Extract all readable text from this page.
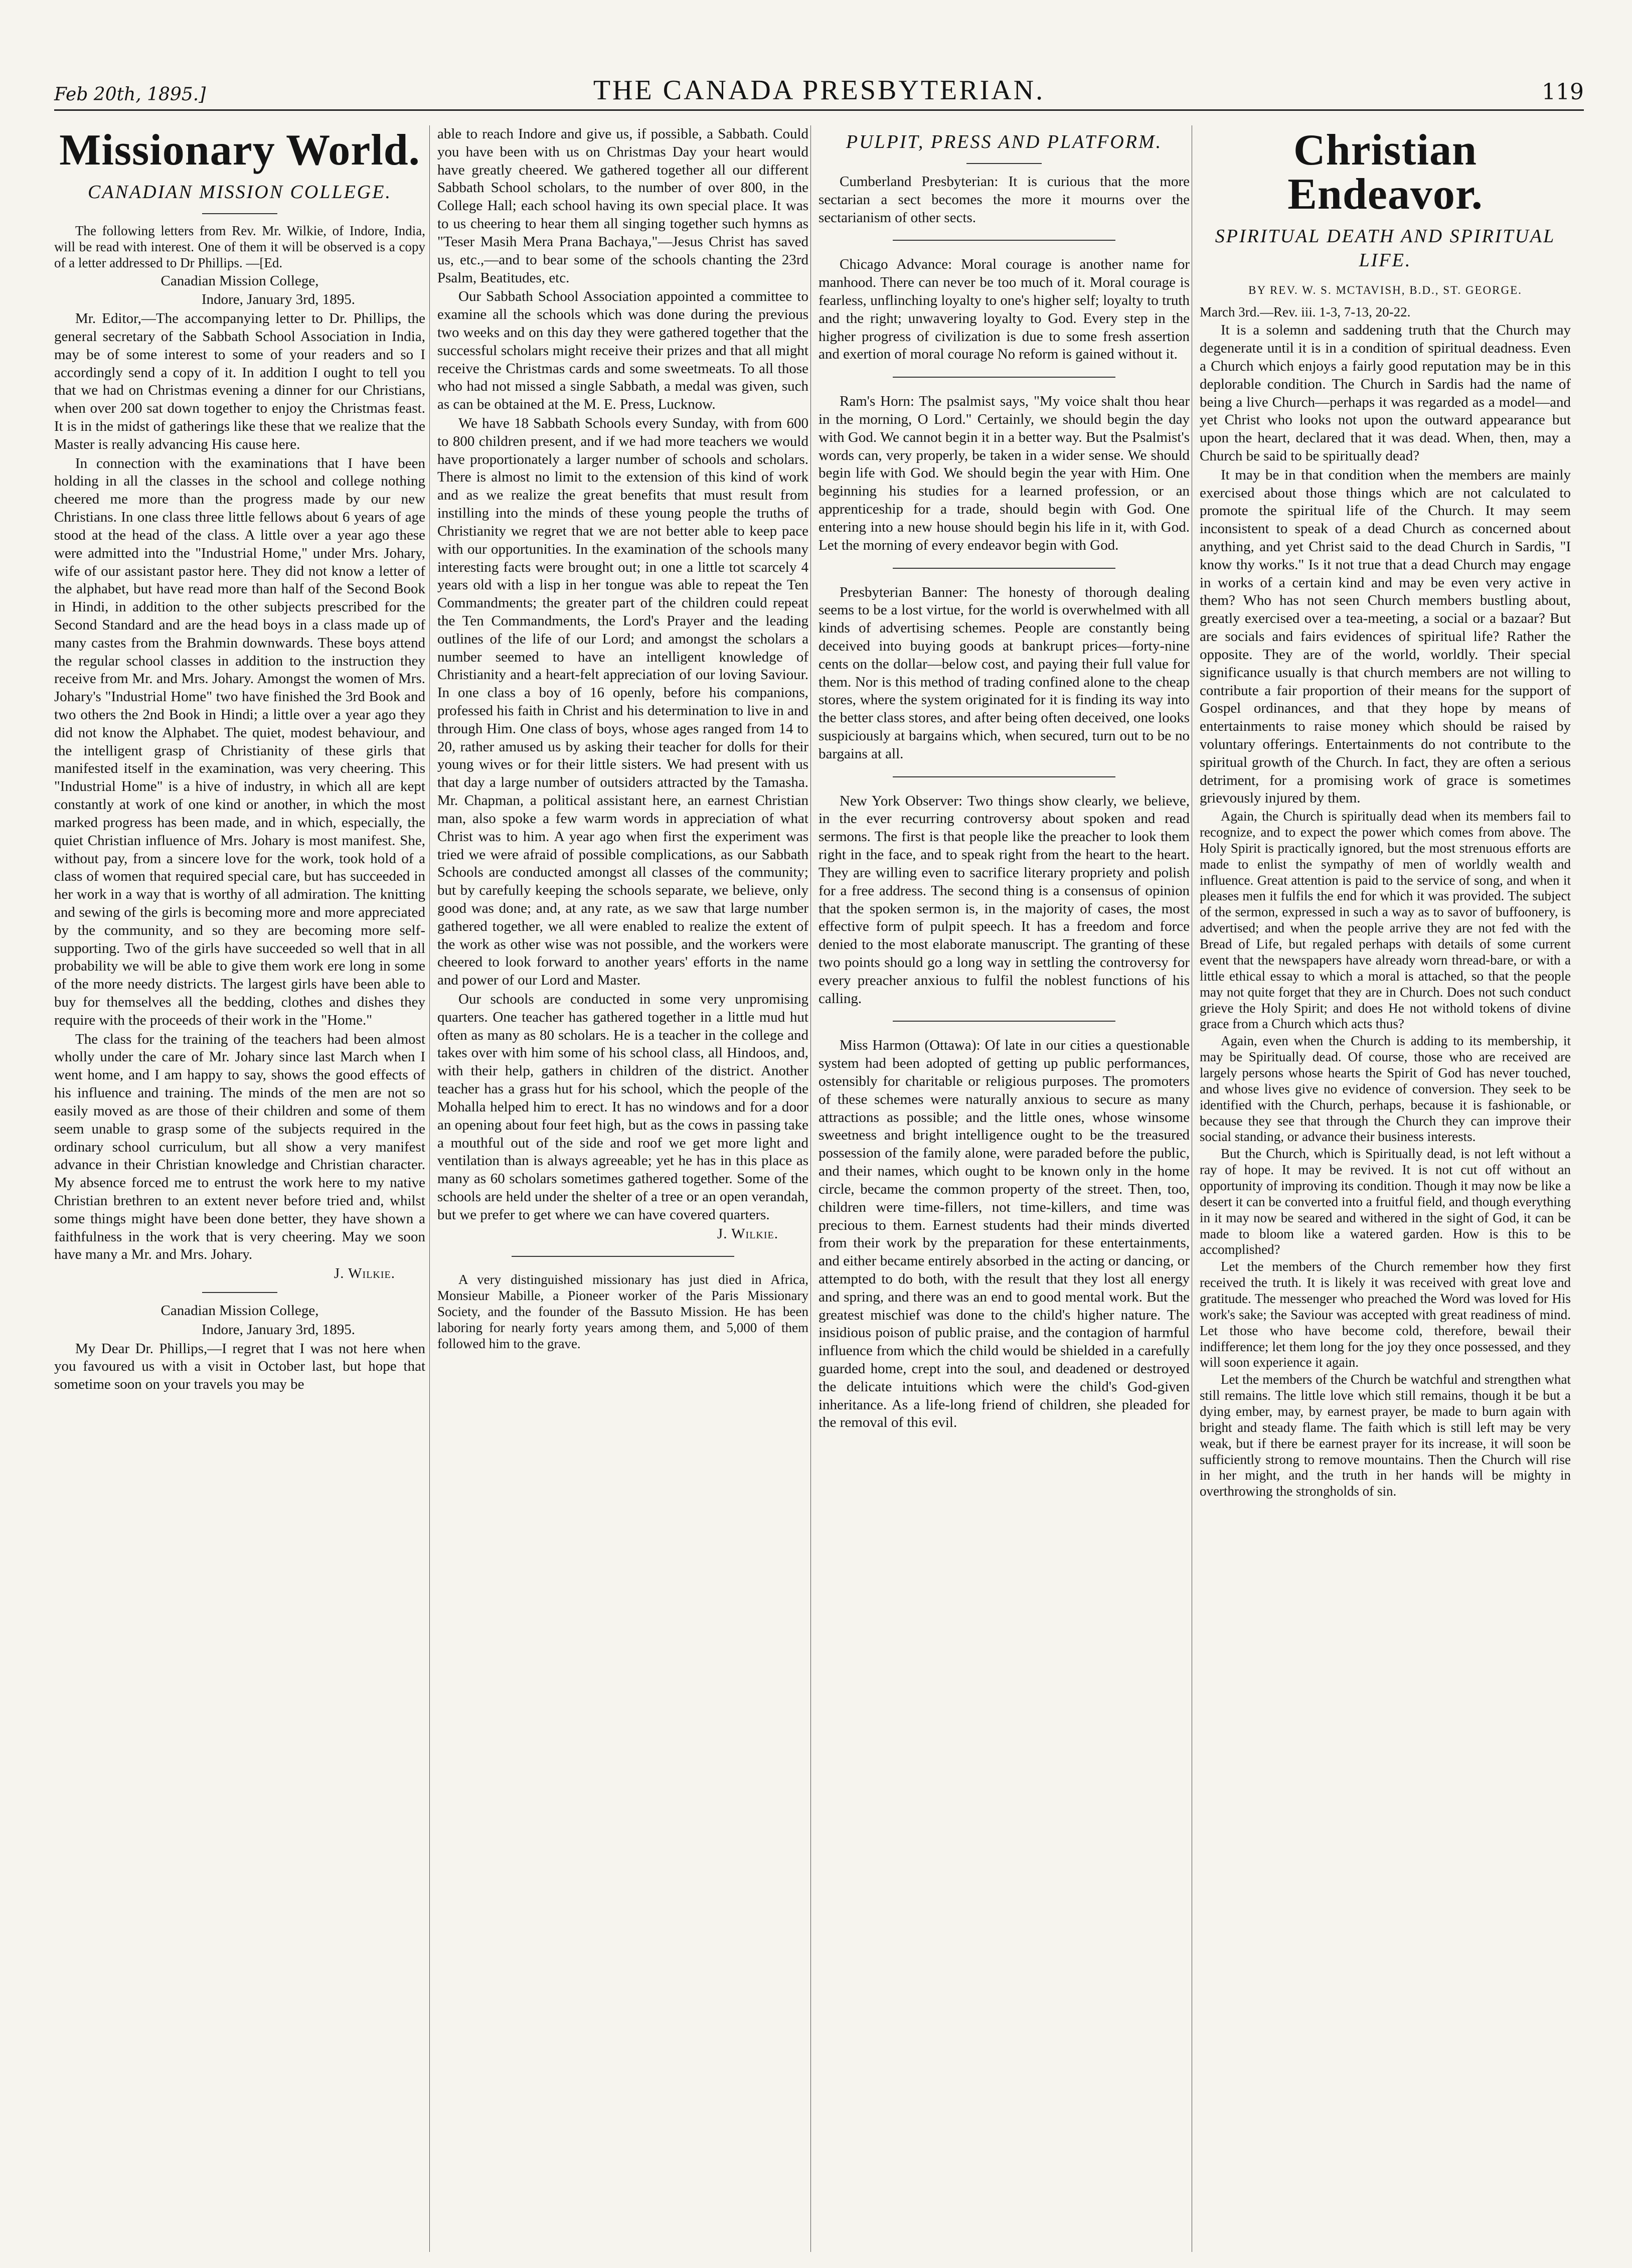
Feb 20th, 1895.]	THE CANADA PRESBYTERIAN.	119
Missionary World.
CANADIAN MISSION COLLEGE.

The following letters from Rev. Mr. Wilkie, of Indore, India, will be read with interest. One of them it will be observed is a copy of a letter addressed to Dr Phillips. —[Ed.

Canadian Mission College,

Indore, January 3rd, 1895.

Mr. Editor,—The accompanying letter to Dr. Phillips, the general secretary of the Sabbath School Association in India, may be of some interest to some of your readers and so I accordingly send a copy of it. In addition I ought to tell you that we had on Christmas evening a dinner for our Christians, when over 200 sat down together to enjoy the Christmas feast. It is in the midst of gatherings like these that we realize that the Master is really advancing His cause here.

In connection with the examinations that I have been holding in all the classes in the school and college nothing cheered me more than the progress made by our new Christians. In one class three little fellows about 6 years of age stood at the head of the class. A little over a year ago these were admitted into the "Industrial Home," under Mrs. Johary, wife of our assistant pastor here. They did not know a letter of the alphabet, but have read more than half of the Second Book in Hindi, in addition to the other subjects prescribed for the Second Standard and are the head boys in a class made up of many castes from the Brahmin downwards. These boys attend the regular school classes in addition to the instruction they receive from Mr. and Mrs. Johary. Amongst the women of Mrs. Johary's "Industrial Home" two have finished the 3rd Book and two others the 2nd Book in Hindi; a little over a year ago they did not know the Alphabet. The quiet, modest behaviour, and the intelligent grasp of Christianity of these girls that manifested itself in the examination, was very cheering. This "Industrial Home" is a hive of industry, in which all are kept constantly at work of one kind or another, in which the most marked progress has been made, and in which, especially, the quiet Christian influence of Mrs. Johary is most manifest. She, without pay, from a sincere love for the work, took hold of a class of women that required special care, but has succeeded in her work in a way that is worthy of all admiration. The knitting and sewing of the girls is becoming more and more appreciated by the community, and so they are becoming more self-supporting. Two of the girls have succeeded so well that in all probability we will be able to give them work ere long in some of the more needy districts. The largest girls have been able to buy for themselves all the bedding, clothes and dishes they require with the proceeds of their work in the "Home."

The class for the training of the teachers had been almost wholly under the care of Mr. Johary since last March when I went home, and I am happy to say, shows the good effects of his influence and training. The minds of the men are not so easily moved as are those of their children and some of them seem unable to grasp some of the subjects required in the ordinary school curriculum, but all show a very manifest advance in their Christian knowledge and Christian character. My absence forced me to entrust the work here to my native Christian brethren to an extent never before tried and, whilst some things might have been done better, they have shown a faithfulness in the work that is very cheering. May we soon have many a Mr. and Mrs. Johary.

J. Wilkie.

Canadian Mission College,

Indore, January 3rd, 1895.

My Dear Dr. Phillips,—I regret that I was not here when you favoured us with a visit in October last, but hope that sometime soon on your travels you may be

able to reach Indore and give us, if possible, a Sabbath. Could you have been with us on Christmas Day your heart would have greatly cheered. We gathered together all our different Sabbath School scholars, to the number of over 800, in the College Hall; each school having its own special place. It was to us cheering to hear them all singing together such hymns as "Teser Masih Mera Prana Bachaya,"—Jesus Christ has saved us, etc.,—and to bear some of the schools chanting the 23rd Psalm, Beatitudes, etc.

Our Sabbath School Association appointed a committee to examine all the schools which was done during the previous two weeks and on this day they were gathered together that the successful scholars might receive their prizes and that all might receive the Christmas cards and some sweetmeats. To all those who had not missed a single Sabbath, a medal was given, such as can be obtained at the M. E. Press, Lucknow.

We have 18 Sabbath Schools every Sunday, with from 600 to 800 children present, and if we had more teachers we would have proportionately a larger number of schools and scholars. There is almost no limit to the extension of this kind of work and as we realize the great benefits that must result from instilling into the minds of these young people the truths of Christianity we regret that we are not better able to keep pace with our opportunities. In the examination of the schools many interesting facts were brought out; in one a little tot scarcely 4 years old with a lisp in her tongue was able to repeat the Ten Commandments; the greater part of the children could repeat the Ten Commandments, the Lord's Prayer and the leading outlines of the life of our Lord; and amongst the scholars a number seemed to have an intelligent knowledge of Christianity and a heart-felt appreciation of our loving Saviour. In one class a boy of 16 openly, before his companions, professed his faith in Christ and his determination to live in and through Him. One class of boys, whose ages ranged from 14 to 20, rather amused us by asking their teacher for dolls for their young wives or for their little sisters. We had present with us that day a large number of outsiders attracted by the Tamasha. Mr. Chapman, a political assistant here, an earnest Christian man, also spoke a few warm words in appreciation of what Christ was to him. A year ago when first the experiment was tried we were afraid of possible complications, as our Sabbath Schools are conducted amongst all classes of the community; but by carefully keeping the schools separate, we believe, only good was done; and, at any rate, as we saw that large number gathered together, we all were enabled to realize the extent of the work as other wise was not possible, and the workers were cheered to look forward to another years' efforts in the name and power of our Lord and Master.

Our schools are conducted in some very unpromising quarters. One teacher has gathered together in a little mud hut often as many as 80 scholars. He is a teacher in the college and takes over with him some of his school class, all Hindoos, and, with their help, gathers in children of the district. Another teacher has a grass hut for his school, which the people of the Mohalla helped him to erect. It has no windows and for a door an opening about four feet high, but as the cows in passing take a mouthful out of the side and roof we get more light and ventilation than is always agreeable; yet he has in this place as many as 60 scholars sometimes gathered together. Some of the schools are held under the shelter of a tree or an open verandah, but we prefer to get where we can have covered quarters.

J. Wilkie.

A very distinguished missionary has just died in Africa, Monsieur Mabille, a Pioneer worker of the Paris Missionary Society, and the founder of the Bassuto Mission. He has been laboring for nearly forty years among them, and 5,000 of them followed him to the grave.

PULPIT, PRESS AND PLATFORM.

Cumberland Presbyterian: It is curious that the more sectarian a sect becomes the more it mourns over the sectarianism of other sects.

Chicago Advance: Moral courage is another name for manhood. There can never be too much of it. Moral courage is fearless, unflinching loyalty to one's higher self; loyalty to truth and the right; unwavering loyalty to God. Every step in the higher progress of civilization is due to some fresh assertion and exertion of moral courage No reform is gained without it.

Ram's Horn: The psalmist says, "My voice shalt thou hear in the morning, O Lord." Certainly, we should begin the day with God. We cannot begin it in a better way. But the Psalmist's words can, very properly, be taken in a wider sense. We should begin life with God. We should begin the year with Him. One beginning his studies for a learned profession, or an apprenticeship for a trade, should begin with God. One entering into a new house should begin his life in it, with God. Let the morning of every endeavor begin with God.

Presbyterian Banner: The honesty of thorough dealing seems to be a lost virtue, for the world is overwhelmed with all kinds of advertising schemes. People are constantly being deceived into buying goods at bankrupt prices—forty-nine cents on the dollar—below cost, and paying their full value for them. Nor is this method of trading confined alone to the cheap stores, where the system originated for it is finding its way into the better class stores, and after being often deceived, one looks suspiciously at bargains which, when secured, turn out to be no bargains at all.

New York Observer: Two things show clearly, we believe, in the ever recurring controversy about spoken and read sermons. The first is that people like the preacher to look them right in the face, and to speak right from the heart to the heart. They are willing even to sacrifice literary propriety and polish for a free address. The second thing is a consensus of opinion that the spoken sermon is, in the majority of cases, the most effective form of pulpit speech. It has a freedom and force denied to the most elaborate manuscript. The granting of these two points should go a long way in settling the controversy for every preacher anxious to fulfil the noblest functions of his calling.

Miss Harmon (Ottawa): Of late in our cities a questionable system had been adopted of getting up public performances, ostensibly for charitable or religious purposes. The promoters of these schemes were naturally anxious to secure as many attractions as possible; and the little ones, whose winsome sweetness and bright intelligence ought to be the treasured possession of the family alone, were paraded before the public, and their names, which ought to be known only in the home circle, became the common property of the street. Then, too, children were time-fillers, not time-killers, and time was precious to them. Earnest students had their minds diverted from their work by the preparation for these entertainments, and either became entirely absorbed in the acting or dancing, or attempted to do both, with the result that they lost all energy and spring, and there was an end to good mental work. But the greatest mischief was done to the child's higher nature. The insidious poison of public praise, and the contagion of harmful influence from which the child would be shielded in a carefully guarded home, crept into the soul, and deadened or destroyed the delicate intuitions which were the child's God-given inheritance. As a life-long friend of children, she pleaded for the removal of this evil.

Christian Endeavor.
SPIRITUAL DEATH AND SPIRITUAL LIFE.
BY REV. W. S. MCTAVISH, B.D., ST. GEORGE.

March 3rd.—Rev. iii. 1-3, 7-13, 20-22.

It is a solemn and saddening truth that the Church may degenerate until it is in a condition of spiritual deadness. Even a Church which enjoys a fairly good reputation may be in this deplorable condition. The Church in Sardis had the name of being a live Church—perhaps it was regarded as a model—and yet Christ who looks not upon the outward appearance but upon the heart, declared that it was dead. When, then, may a Church be said to be spiritually dead?

It may be in that condition when the members are mainly exercised about those things which are not calculated to promote the spiritual life of the Church. It may seem inconsistent to speak of a dead Church as concerned about anything, and yet Christ said to the dead Church in Sardis, "I know thy works." Is it not true that a dead Church may engage in works of a certain kind and may be even very active in them? Who has not seen Church members bustling about, greatly exercised over a tea-meeting, a social or a bazaar? But are socials and fairs evidences of spiritual life? Rather the opposite. They are of the world, worldly. Their special significance usually is that church members are not willing to contribute a fair proportion of their means for the support of Gospel ordinances, and that they hope by means of entertainments to raise money which should be raised by voluntary offerings. Entertainments do not contribute to the spiritual growth of the Church. In fact, they are often a serious detriment, for a promising work of grace is sometimes grievously injured by them.

Again, the Church is spiritually dead when its members fail to recognize, and to expect the power which comes from above. The Holy Spirit is practically ignored, but the most strenuous efforts are made to enlist the sympathy of men of worldly wealth and influence. Great attention is paid to the service of song, and when it pleases men it fulfils the end for which it was provided. The subject of the sermon, expressed in such a way as to savor of buffoonery, is advertised; and when the people arrive they are not fed with the Bread of Life, but regaled perhaps with details of some current event that the newspapers have already worn thread-bare, or with a little ethical essay to which a moral is attached, so that the people may not quite forget that they are in Church. Does not such conduct grieve the Holy Spirit; and does He not withold tokens of divine grace from a Church which acts thus?

Again, even when the Church is adding to its membership, it may be Spiritually dead. Of course, those who are received are largely persons whose hearts the Spirit of God has never touched, and whose lives give no evidence of conversion. They seek to be identified with the Church, perhaps, because it is fashionable, or because they see that through the Church they can improve their social standing, or advance their business interests.

But the Church, which is Spiritually dead, is not left without a ray of hope. It may be revived. It is not cut off without an opportunity of improving its condition. Though it may now be like a desert it can be converted into a fruitful field, and though everything in it may now be seared and withered in the sight of God, it can be made to bloom like a watered garden. How is this to be accomplished?

Let the members of the Church remember how they first received the truth. It is likely it was received with great love and gratitude. The messenger who preached the Word was loved for His work's sake; the Saviour was accepted with great readiness of mind. Let those who have become cold, therefore, bewail their indifference; let them long for the joy they once possessed, and they will soon experience it again.

Let the members of the Church be watchful and strengthen what still remains. The little love which still remains, though it be but a dying ember, may, by earnest prayer, be made to burn again with bright and steady flame. The faith which is still left may be very weak, but if there be earnest prayer for its increase, it will soon be sufficiently strong to remove mountains. Then the Church will rise in her might, and the truth in her hands will be mighty in overthrowing the strongholds of sin.
